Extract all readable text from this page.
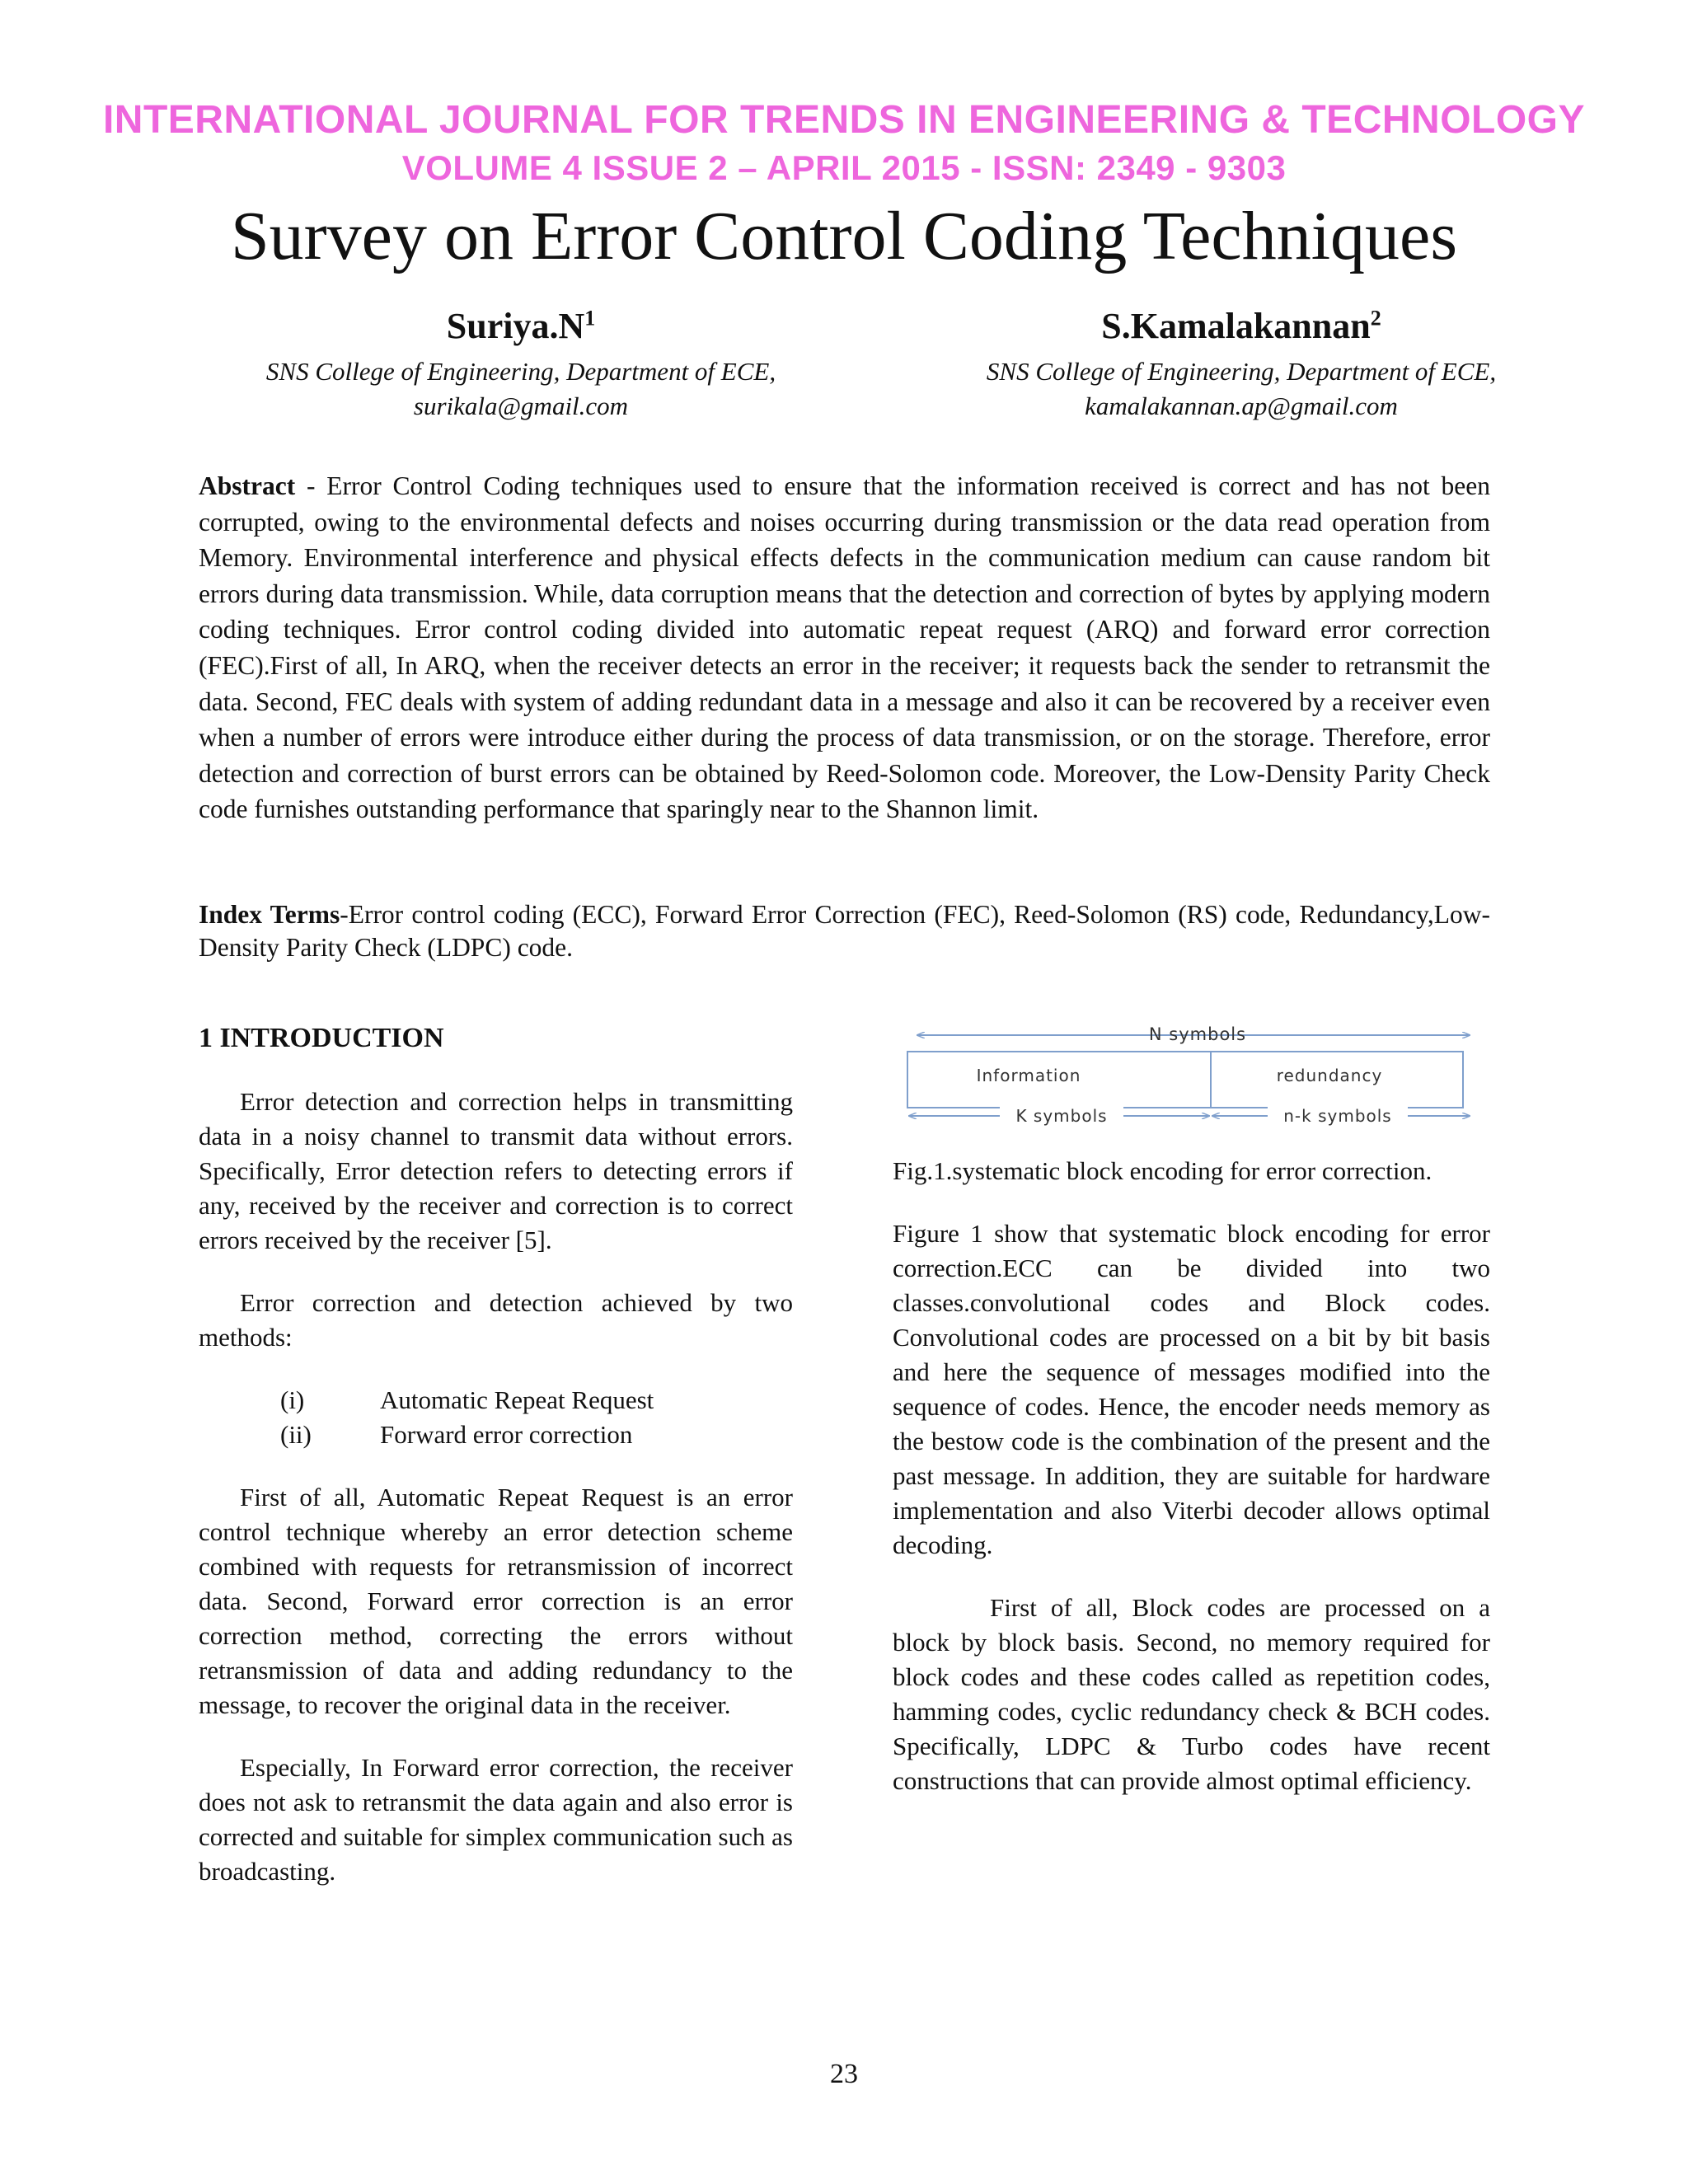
INTERNATIONAL JOURNAL FOR TRENDS IN ENGINEERING & TECHNOLOGY
VOLUME 4 ISSUE 2 – APRIL 2015 - ISSN: 2349 - 9303
Survey on Error Control Coding Techniques
$Suriya.N^1$
SNS College of Engineering, Department of ECE,
surikala@gmail.com
S.Kamalakannan$^2$
SNS College of Engineering, Department of ECE,
kamalakannan.ap@gmail.com
Abstract - Error Control Coding techniques used to ensure that the information received is correct and has not been corrupted, owing to the environmental defects and noises occurring during transmission or the data read operation from Memory. Environmental interference and physical effects defects in the communication medium can cause random bit errors during data transmission. While, data corruption means that the detection and correction of bytes by applying modern coding techniques. Error control coding divided into automatic repeat request (ARQ) and forward error correction (FEC).First of all, In ARQ, when the receiver detects an error in the receiver; it requests back the sender to retransmit the data. Second, FEC deals with system of adding redundant data in a message and also it can be recovered by a receiver even when a number of errors were introduce either during the process of data transmission, or on the storage. Therefore, error detection and correction of burst errors can be obtained by Reed-Solomon code. Moreover, the Low-Density Parity Check code furnishes outstanding performance that sparingly near to the Shannon limit.
Index Terms-Error control coding (ECC), Forward Error Correction (FEC), Reed-Solomon (RS) code, Redundancy,Low- Density Parity Check (LDPC) code.
1 INTRODUCTION

Error detection and correction helps in transmitting data in a noisy channel to transmit data without errors. Specifically, Error detection refers to detecting errors if any, received by the receiver and correction is to correct errors received by the receiver [5].

Error correction and detection achieved by two methods:

(i)	Automatic Repeat Request
(ii)	Forward error correction

First of all, Automatic Repeat Request is an error control technique whereby an error detection scheme combined with requests for retransmission of incorrect data. Second, Forward error correction is an error correction method, correcting the errors without retransmission of data and adding redundancy to the message, to recover the original data in the receiver.

Especially, In Forward error correction, the receiver does not ask to retransmit the data again and also error is corrected and suitable for simplex communication such as broadcasting.

N symbols
Information	redundancy
K symbols	n-k symbols

Fig.1.systematic block encoding for error correction.

Figure 1 show that systematic block encoding for error correction.ECC can be divided into two classes.convolutional codes and Block codes. Convolutional codes are processed on a bit by bit basis and here the sequence of messages modified into the sequence of codes. Hence, the encoder needs memory as the bestow code is the combination of the present and the past message. In addition, they are suitable for hardware implementation and also Viterbi decoder allows optimal decoding.

First of all, Block codes are processed on a block by block basis. Second, no memory required for block codes and these codes called as repetition codes, hamming codes, cyclic redundancy check & BCH codes. Specifically, LDPC & Turbo codes have recent constructions that can provide almost optimal efficiency.

23
